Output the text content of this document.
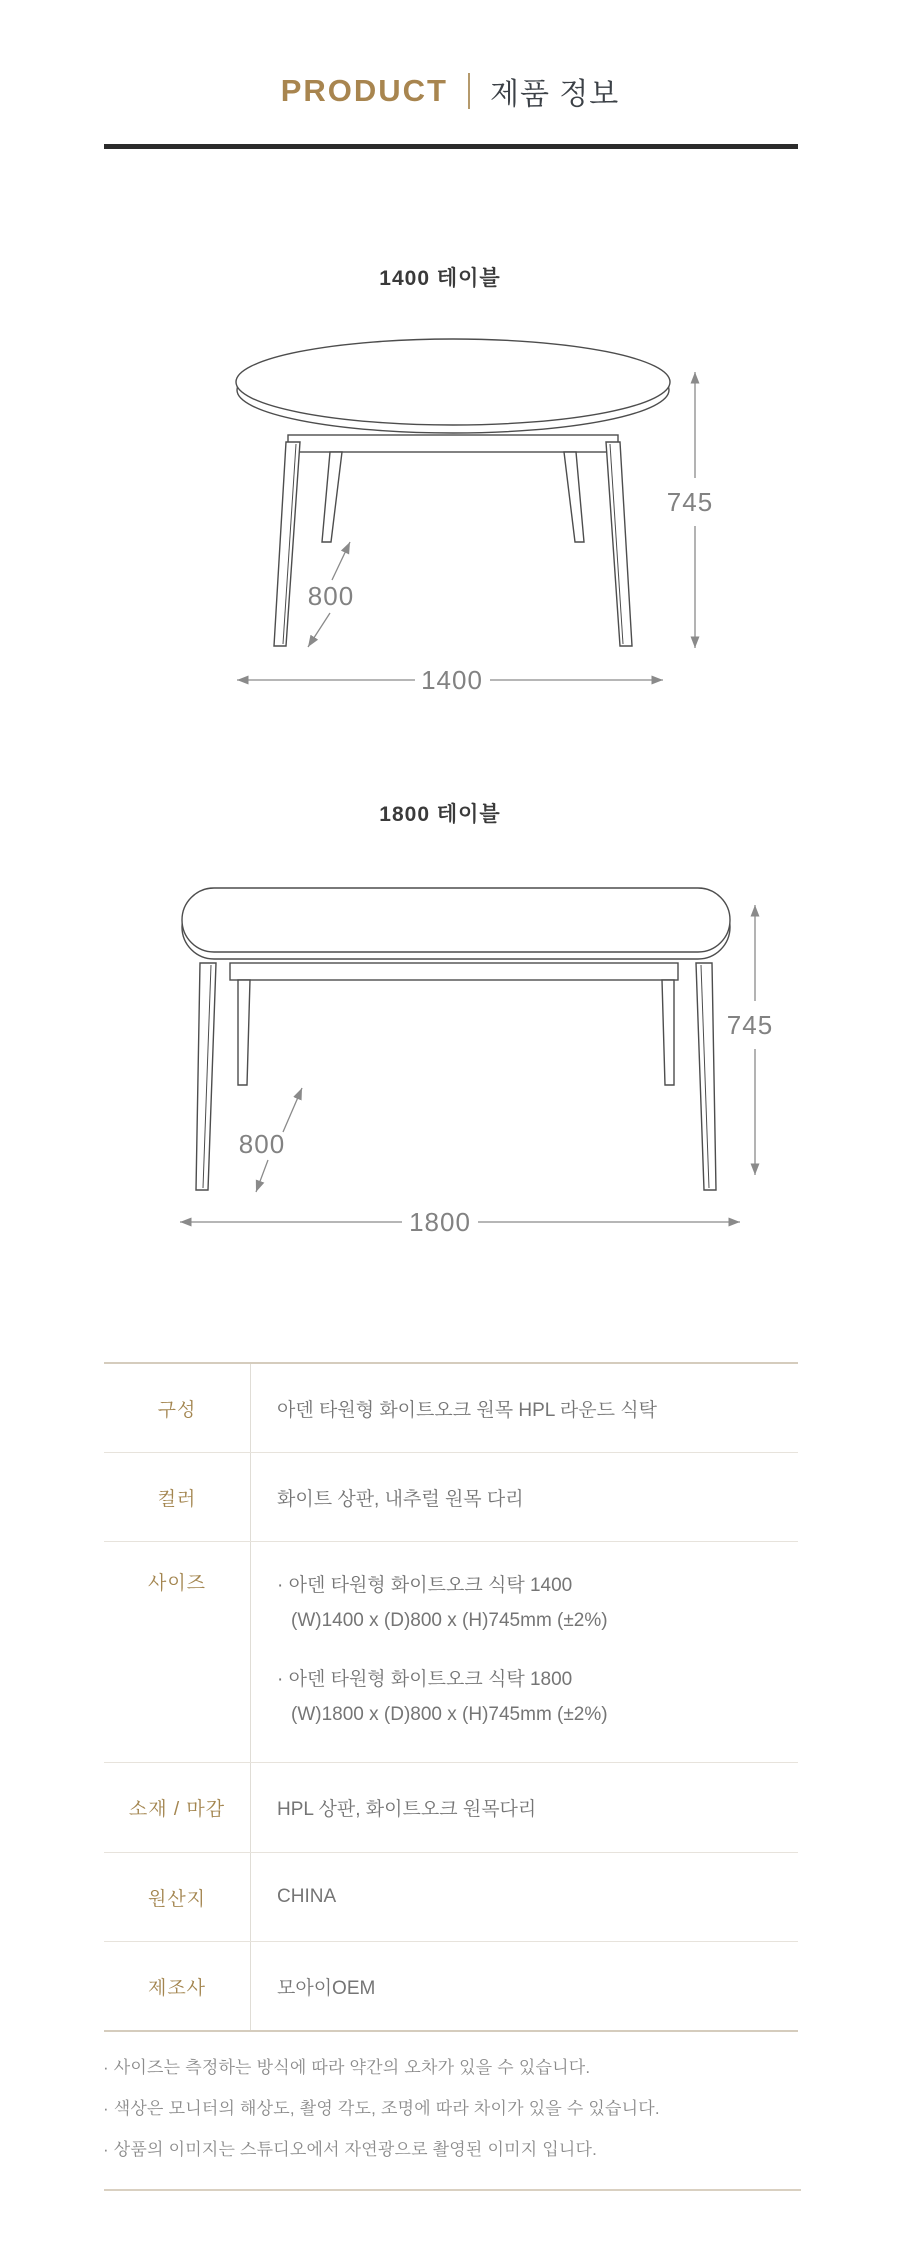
PRODUCT 제품 정보
1400 테이블
745
800
1400
1800 테이블
745
800
1800
구성	아덴 타원형 화이트오크 원목 HPL 라운드 식탁
컬러	화이트 상판, 내추럴 원목 다리
사이즈	· 아덴 타원형 화이트오크 식탁 1400
(W)1400 x (D)800 x (H)745mm (±2%)
· 아덴 타원형 화이트오크 식탁 1800
(W)1800 x (D)800 x (H)745mm (±2%)
소재 / 마감	HPL 상판, 화이트오크 원목다리
원산지	CHINA
제조사	모아이OEM
· 사이즈는 측정하는 방식에 따라 약간의 오차가 있을 수 있습니다.
· 색상은 모니터의 해상도, 촬영 각도, 조명에 따라 차이가 있을 수 있습니다.
· 상품의 이미지는 스튜디오에서 자연광으로 촬영된 이미지 입니다.
